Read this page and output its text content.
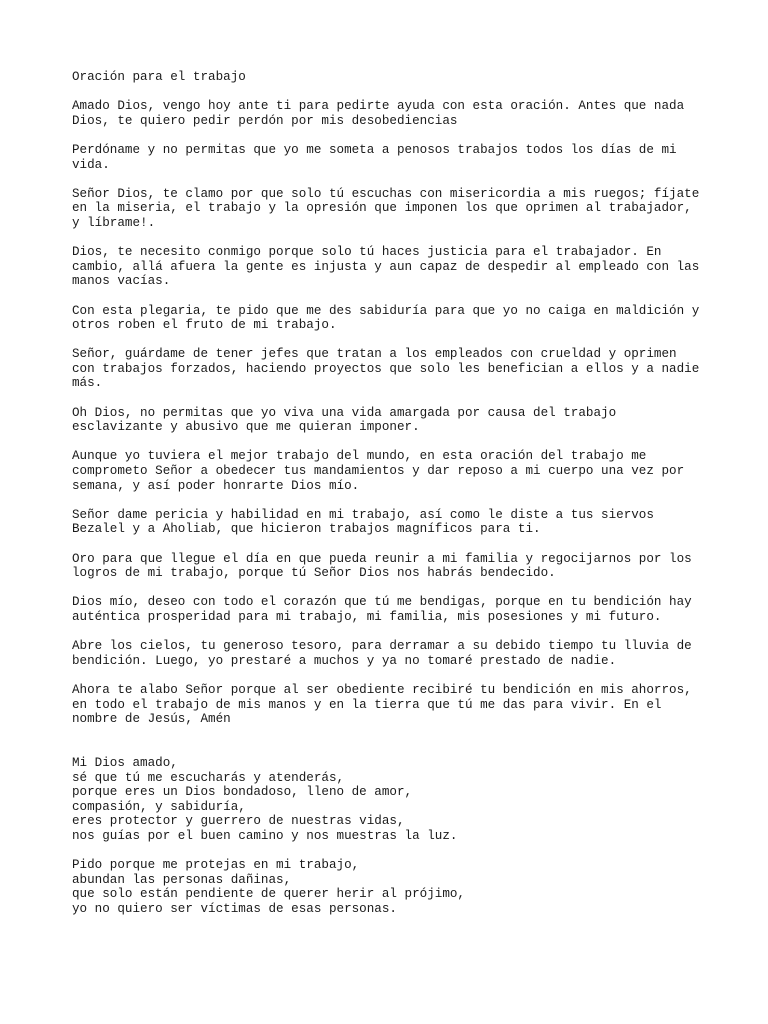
Oración para el trabajo
Amado Dios, vengo hoy ante ti para pedirte ayuda con esta oración. Antes que nada
Dios, te quiero pedir perdón por mis desobediencias
Perdóname y no permitas que yo me someta a penosos trabajos todos los días de mi
vida.
Señor Dios, te clamo por que solo tú escuchas con misericordia a mis ruegos; fíjate
en la miseria, el trabajo y la opresión que imponen los que oprimen al trabajador,
y líbrame!.
Dios, te necesito conmigo porque solo tú haces justicia para el trabajador. En
cambio, allá afuera la gente es injusta y aun capaz de despedir al empleado con las
manos vacías.
Con esta plegaria, te pido que me des sabiduría para que yo no caiga en maldición y
otros roben el fruto de mi trabajo.
Señor, guárdame de tener jefes que tratan a los empleados con crueldad y oprimen
con trabajos forzados, haciendo proyectos que solo les benefician a ellos y a nadie
más.
Oh Dios, no permitas que yo viva una vida amargada por causa del trabajo
esclavizante y abusivo que me quieran imponer.
Aunque yo tuviera el mejor trabajo del mundo, en esta oración del trabajo me
comprometo Señor a obedecer tus mandamientos y dar reposo a mi cuerpo una vez por
semana, y así poder honrarte Dios mío.
Señor dame pericia y habilidad en mi trabajo, así como le diste a tus siervos
Bezalel y a Aholiab, que hicieron trabajos magníficos para ti.
Oro para que llegue el día en que pueda reunir a mi familia y regocijarnos por los
logros de mi trabajo, porque tú Señor Dios nos habrás bendecido.
Dios mío, deseo con todo el corazón que tú me bendigas, porque en tu bendición hay
auténtica prosperidad para mi trabajo, mi familia, mis posesiones y mi futuro.
Abre los cielos, tu generoso tesoro, para derramar a su debido tiempo tu lluvia de
bendición. Luego, yo prestaré a muchos y ya no tomaré prestado de nadie.
Ahora te alabo Señor porque al ser obediente recibiré tu bendición en mis ahorros,
en todo el trabajo de mis manos y en la tierra que tú me das para vivir. En el
nombre de Jesús, Amén
Mi Dios amado,
sé que tú me escucharás y atenderás,
porque eres un Dios bondadoso, lleno de amor,
compasión, y sabiduría,
eres protector y guerrero de nuestras vidas,
nos guías por el buen camino y nos muestras la luz.
Pido porque me protejas en mi trabajo,
abundan las personas dañinas,
que solo están pendiente de querer herir al prójimo,
yo no quiero ser víctimas de esas personas.
